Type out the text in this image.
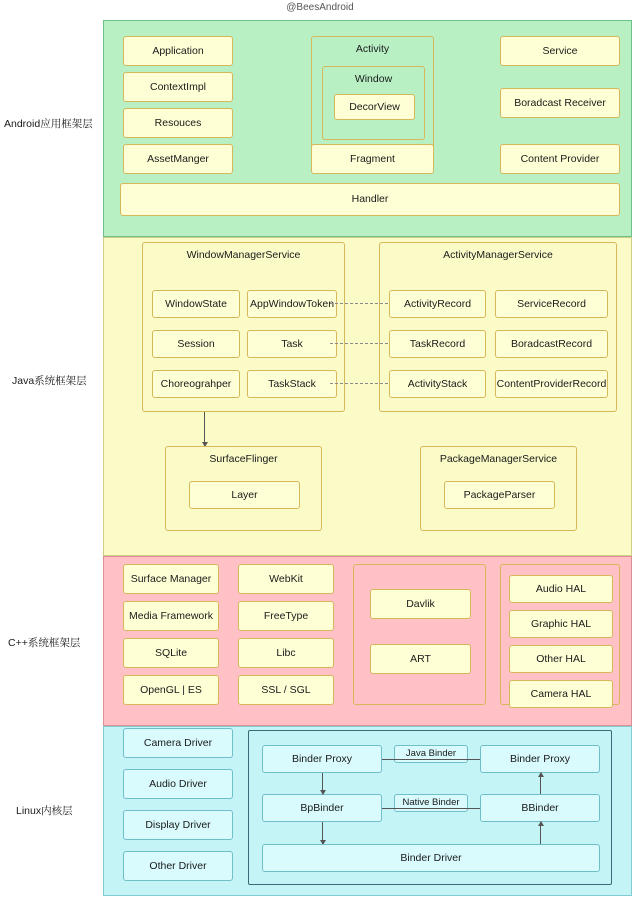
@BeesAndroid
Android应用框架层
Java系统框架层
C++系统框架层
Linux内核层
Application
ContextImpl
Resouces
AssetManger
Activity
Window
DecorView
Fragment
Service
Boradcast Receiver
Content Provider
Handler
WindowManagerService
WindowState	AppWindowToken
Session	Task
Choreograhper	TaskStack
ActivityManagerService
ActivityRecord	ServiceRecord
TaskRecord	BoradcastRecord
ActivityStack	ContentProviderRecord
SurfaceFlinger
Layer
PackageManagerService
PackageParser
Surface Manager
Media Framework
SQLite
OpenGL | ES
WebKit
FreeType
Libc
SSL / SGL
Davlik
ART
Audio HAL
Graphic HAL
Other HAL
Camera HAL
Camera Driver
Audio Driver
Display Driver
Other Driver
Binder Proxy	Java Binder	Binder Proxy
BpBinder	Native Binder	BBinder
Binder Driver
